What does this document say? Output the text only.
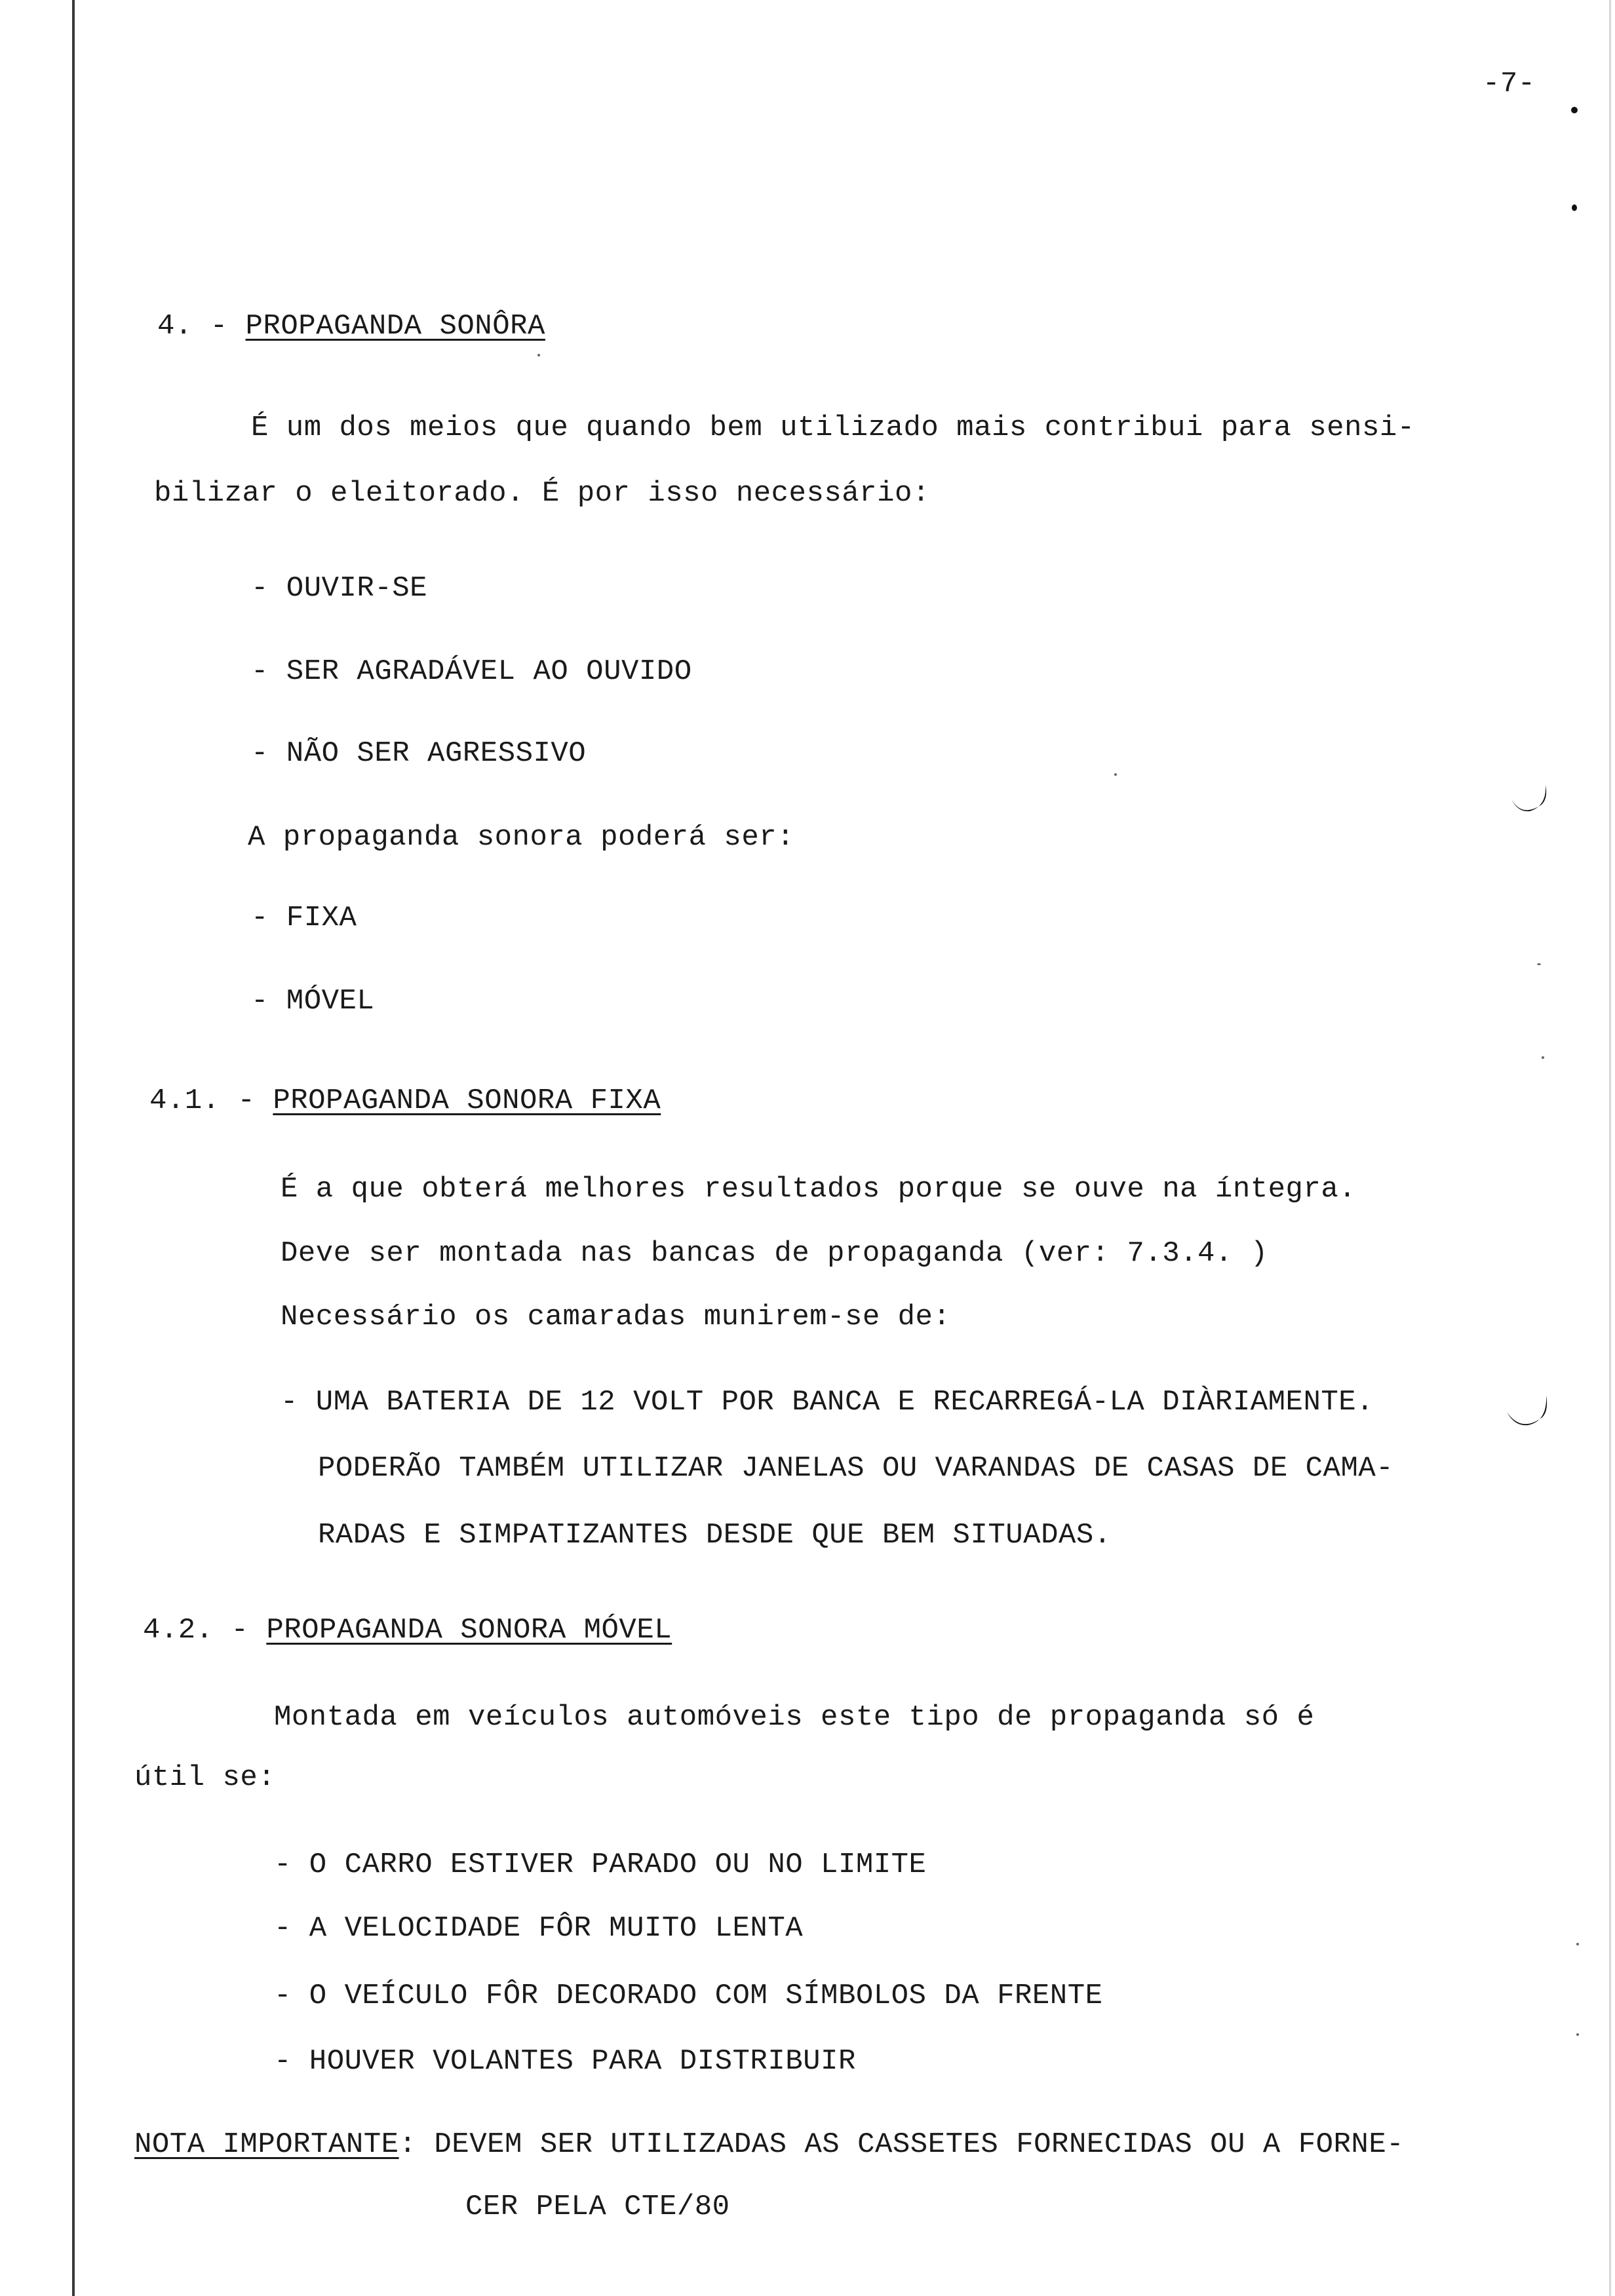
-7-
4. - PROPAGANDA SONÔRA
É um dos meios que quando bem utilizado mais contribui para sensi-
bilizar o eleitorado. É por isso necessário:
- OUVIR-SE
- SER AGRADÁVEL AO OUVIDO
- NÃO SER AGRESSIVO
A propaganda sonora poderá ser:
- FIXA
- MÓVEL
4.1. - PROPAGANDA SONORA FIXA
É a que obterá melhores resultados porque se ouve na íntegra.
Deve ser montada nas bancas de propaganda (ver: 7.3.4. )
Necessário os camaradas munirem-se de:
- UMA BATERIA DE 12 VOLT POR BANCA E RECARREGÁ-LA DIÀRIAMENTE.
PODERÃO TAMBÉM UTILIZAR JANELAS OU VARANDAS DE CASAS DE CAMA-
RADAS E SIMPATIZANTES DESDE QUE BEM SITUADAS.
4.2. - PROPAGANDA SONORA MÓVEL
Montada em veículos automóveis este tipo de propaganda só é
útil se:
- O CARRO ESTIVER PARADO OU NO LIMITE
- A VELOCIDADE FÔR MUITO LENTA
- O VEÍCULO FÔR DECORADO COM SÍMBOLOS DA FRENTE
- HOUVER VOLANTES PARA DISTRIBUIR
NOTA IMPORTANTE: DEVEM SER UTILIZADAS AS CASSETES FORNECIDAS OU A FORNE-
CER PELA CTE/80
